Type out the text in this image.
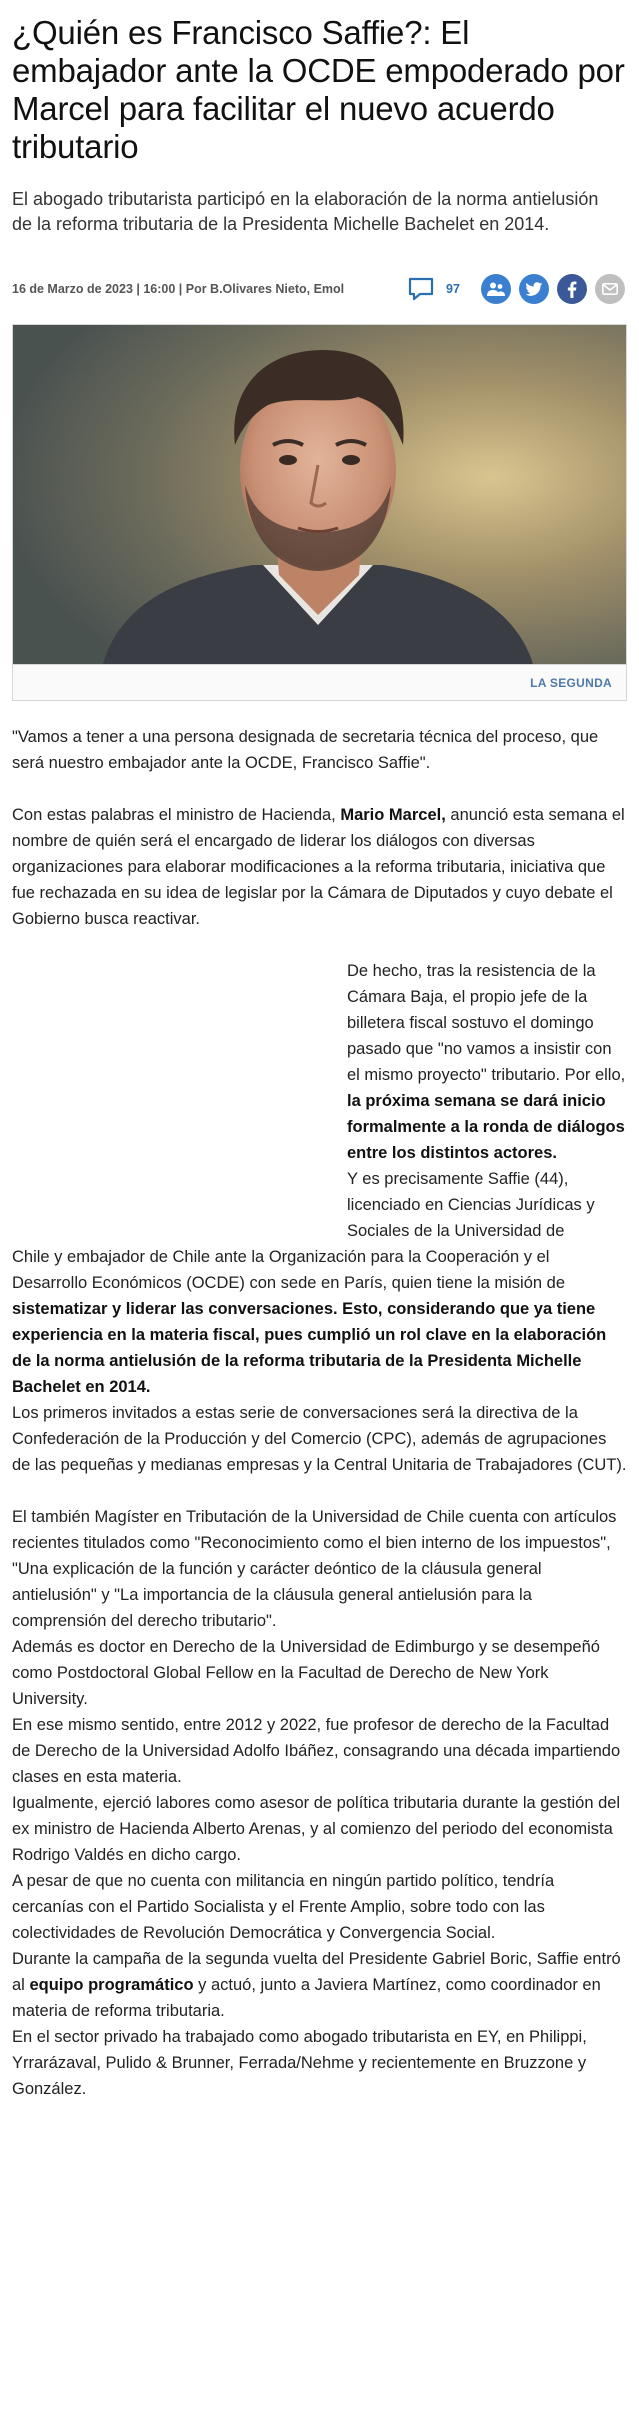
¿Quién es Francisco Saffie?: El embajador ante la OCDE empoderado por Marcel para facilitar el nuevo acuerdo tributario

El abogado tributarista participó en la elaboración de la norma antielusión de la reforma tributaria de la Presidenta Michelle Bachelet en 2014.

16 de Marzo de 2023 | 16:00 | Por B.Olivares Nieto, Emol	97
LA SEGUNDA

"Vamos a tener a una persona designada de secretaria técnica del proceso, que será nuestro embajador ante la OCDE, Francisco Saffie".

Con estas palabras el ministro de Hacienda, Mario Marcel, anunció esta semana el nombre de quién será el encargado de liderar los diálogos con diversas organizaciones para elaborar modificaciones a la reforma tributaria, iniciativa que fue rechazada en su idea de legislar por la Cámara de Diputados y cuyo debate el Gobierno busca reactivar.

De hecho, tras la resistencia de la Cámara Baja, el propio jefe de la billetera fiscal sostuvo el domingo pasado que "no vamos a insistir con el mismo proyecto" tributario. Por ello, la próxima semana se dará inicio formalmente a la ronda de diálogos entre los distintos actores.

Y es precisamente Saffie (44), licenciado en Ciencias Jurídicas y Sociales de la Universidad de

Chile y embajador de Chile ante la Organización para la Cooperación y el Desarrollo Económicos (OCDE) con sede en París, quien tiene la misión de sistematizar y liderar las conversaciones. Esto, considerando que ya tiene experiencia en la materia fiscal, pues cumplió un rol clave en la elaboración de la norma antielusión de la reforma tributaria de la Presidenta Michelle Bachelet en 2014.

Los primeros invitados a estas serie de conversaciones será la directiva de la Confederación de la Producción y del Comercio (CPC), además de agrupaciones de las pequeñas y medianas empresas y la Central Unitaria de Trabajadores (CUT).

El también Magíster en Tributación de la Universidad de Chile cuenta con artículos recientes titulados como "Reconocimiento como el bien interno de los impuestos", "Una explicación de la función y carácter deóntico de la cláusula general antielusión" y "La importancia de la cláusula general antielusión para la comprensión del derecho tributario".

Además es doctor en Derecho de la Universidad de Edimburgo y se desempeñó como Postdoctoral Global Fellow en la Facultad de Derecho de New York University.

En ese mismo sentido, entre 2012 y 2022, fue profesor de derecho de la Facultad de Derecho de la Universidad Adolfo Ibáñez, consagrando una década impartiendo clases en esta materia.

Igualmente, ejerció labores como asesor de política tributaria durante la gestión del ex ministro de Hacienda Alberto Arenas, y al comienzo del periodo del economista Rodrigo Valdés en dicho cargo.

A pesar de que no cuenta con militancia en ningún partido político, tendría cercanías con el Partido Socialista y el Frente Amplio, sobre todo con las colectividades de Revolución Democrática y Convergencia Social.

Durante la campaña de la segunda vuelta del Presidente Gabriel Boric, Saffie entró al equipo programático y actuó, junto a Javiera Martínez, como coordinador en materia de reforma tributaria.

En el sector privado ha trabajado como abogado tributarista en EY, en Philippi, Yrrarázaval, Pulido & Brunner, Ferrada/Nehme y recientemente en Bruzzone y González.
